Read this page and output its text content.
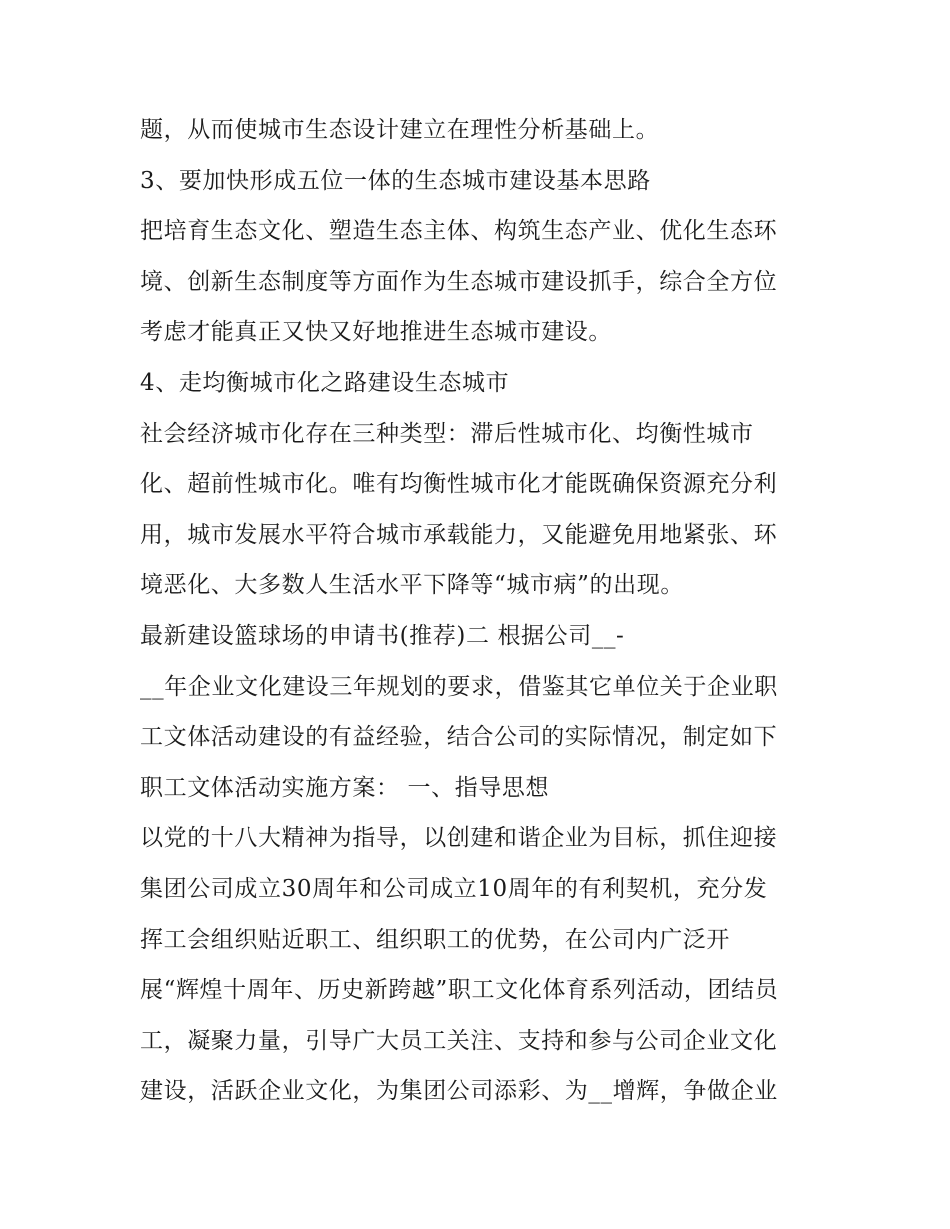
题，从而使城市生态设计建立在理性分析基础上。
3、要加快形成五位一体的生态城市建设基本思路
把培育生态文化、塑造生态主体、构筑生态产业、优化生态环
境、创新生态制度等方面作为生态城市建设抓手，综合全方位
考虑才能真正又快又好地推进生态城市建设。
4、走均衡城市化之路建设生态城市
社会经济城市化存在三种类型：滞后性城市化、均衡性城市
化、超前性城市化。唯有均衡性城市化才能既确保资源充分利
用，城市发展水平符合城市承载能力，又能避免用地紧张、环
境恶化、大多数人生活水平下降等“城市病”的出现。
最新建设篮球场的申请书(推荐)二 根据公司__-
__年企业文化建设三年规划的要求，借鉴其它单位关于企业职
工文体活动建设的有益经验，结合公司的实际情况，制定如下
职工文体活动实施方案： 一、指导思想
以党的十八大精神为指导，以创建和谐企业为目标，抓住迎接
集团公司成立30周年和公司成立10周年的有利契机，充分发
挥工会组织贴近职工、组织职工的优势，在公司内广泛开
展“辉煌十周年、历史新跨越”职工文化体育系列活动，团结员
工，凝聚力量，引导广大员工关注、支持和参与公司企业文化
建设，活跃企业文化，为集团公司添彩、为__增辉，争做企业
